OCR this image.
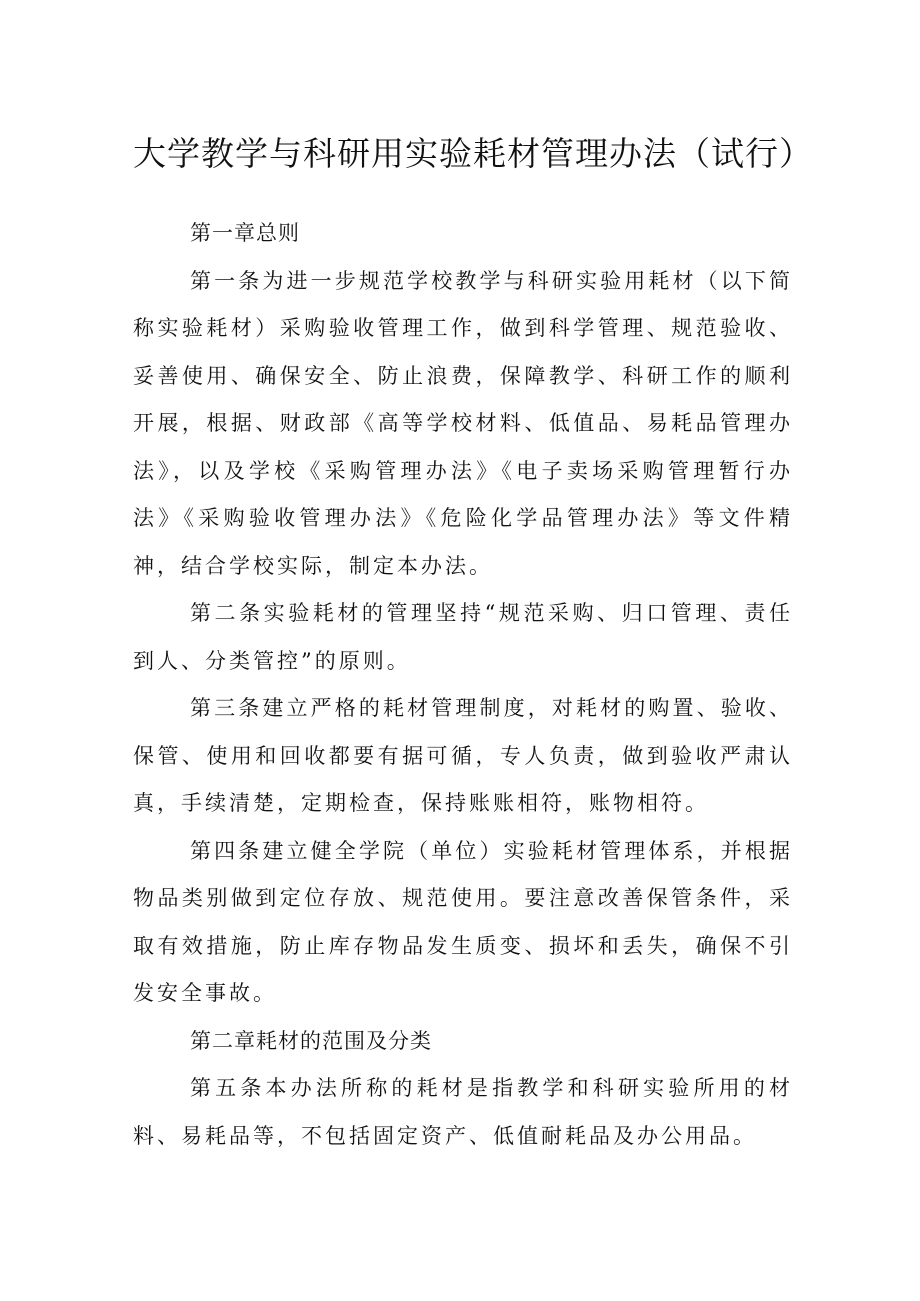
大学教学与科研用实验耗材管理办法（试行）

第一章总则

第一条为进一步规范学校教学与科研实验用耗材（以下简称实验耗材）采购验收管理工作，做到科学管理、规范验收、妥善使用、确保安全、防止浪费，保障教学、科研工作的顺利开展，根据、财政部《高等学校材料、低值品、易耗品管理办法》，以及学校《采购管理办法》《电子卖场采购管理暂行办法》《采购验收管理办法》《危险化学品管理办法》等文件精神，结合学校实际，制定本办法。

第二条实验耗材的管理坚持“规范采购、归口管理、责任到人、分类管控”的原则。

第三条建立严格的耗材管理制度，对耗材的购置、验收、保管、使用和回收都要有据可循，专人负责，做到验收严肃认真，手续清楚，定期检查，保持账账相符，账物相符。

第四条建立健全学院（单位）实验耗材管理体系，并根据物品类别做到定位存放、规范使用。要注意改善保管条件，采取有效措施，防止库存物品发生质变、损坏和丢失，确保不引发安全事故。

第二章耗材的范围及分类

第五条本办法所称的耗材是指教学和科研实验所用的材料、易耗品等，不包括固定资产、低值耐耗品及办公用品。
